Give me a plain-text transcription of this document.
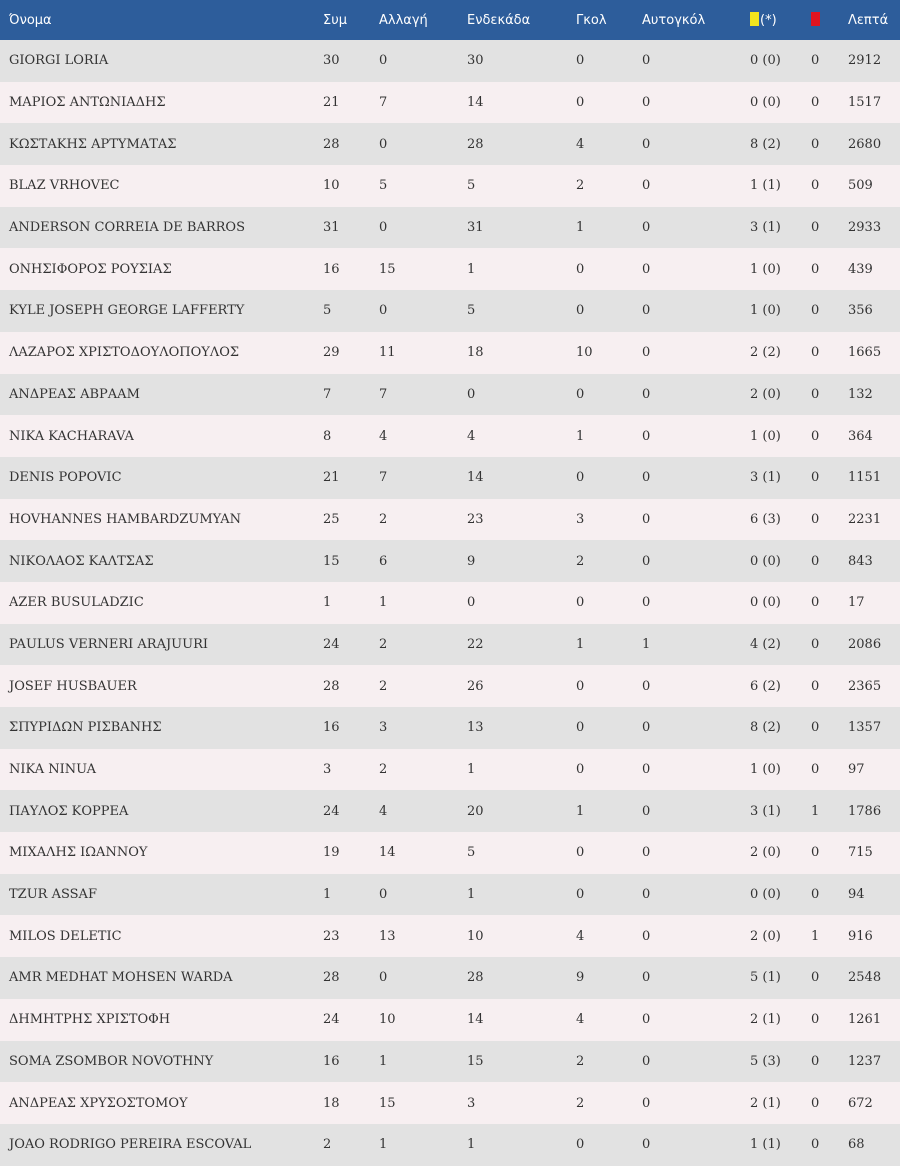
Όνομα	Συμ	Αλλαγή	Ενδεκάδα	Γκολ	Αυτογκόλ	(*)		Λεπτά
GIORGI LORIA	30	0	30	0	0	0 (0)	0	2912
ΜΑΡΙΟΣ ΑΝΤΩΝΙΑΔΗΣ	21	7	14	0	0	0 (0)	0	1517
ΚΩΣΤΑΚΗΣ ΑΡΤΥΜΑΤΑΣ	28	0	28	4	0	8 (2)	0	2680
BLAZ VRHOVEC	10	5	5	2	0	1 (1)	0	509
ANDERSON CORREIA DE BARROS	31	0	31	1	0	3 (1)	0	2933
ΟΝΗΣΙΦΟΡΟΣ ΡΟΥΣΙΑΣ	16	15	1	0	0	1 (0)	0	439
KYLE JOSEPH GEORGE LAFFERTY	5	0	5	0	0	1 (0)	0	356
ΛΑΖΑΡΟΣ ΧΡΙΣΤΟΔΟΥΛΟΠΟΥΛΟΣ	29	11	18	10	0	2 (2)	0	1665
ΑΝΔΡΕΑΣ ΑΒΡΑΑΜ	7	7	0	0	0	2 (0)	0	132
NIKA KACHARAVA	8	4	4	1	0	1 (0)	0	364
DENIS POPOVIC	21	7	14	0	0	3 (1)	0	1151
HOVHANNES HAMBARDZUMYAN	25	2	23	3	0	6 (3)	0	2231
ΝΙΚΟΛΑΟΣ ΚΑΛΤΣΑΣ	15	6	9	2	0	0 (0)	0	843
AZER BUSULADZIC	1	1	0	0	0	0 (0)	0	17
PAULUS VERNERI ARAJUURI	24	2	22	1	1	4 (2)	0	2086
JOSEF HUSBAUER	28	2	26	0	0	6 (2)	0	2365
ΣΠΥΡΙΔΩΝ ΡΙΣΒΑΝΗΣ	16	3	13	0	0	8 (2)	0	1357
NIKA NINUA	3	2	1	0	0	1 (0)	0	97
ΠΑΥΛΟΣ ΚΟΡΡΕΑ	24	4	20	1	0	3 (1)	1	1786
ΜΙΧΑΛΗΣ ΙΩΑΝΝΟΥ	19	14	5	0	0	2 (0)	0	715
TZUR ASSAF	1	0	1	0	0	0 (0)	0	94
MILOS DELETIC	23	13	10	4	0	2 (0)	1	916
AMR MEDHAT MOHSEN WARDA	28	0	28	9	0	5 (1)	0	2548
ΔΗΜΗΤΡΗΣ ΧΡΙΣΤΟΦΗ	24	10	14	4	0	2 (1)	0	1261
SOMA ZSOMBOR NOVOTHNY	16	1	15	2	0	5 (3)	0	1237
ΑΝΔΡΕΑΣ ΧΡΥΣΟΣΤΟΜΟΥ	18	15	3	2	0	2 (1)	0	672
JOAO RODRIGO PEREIRA ESCOVAL	2	1	1	0	0	1 (1)	0	68
